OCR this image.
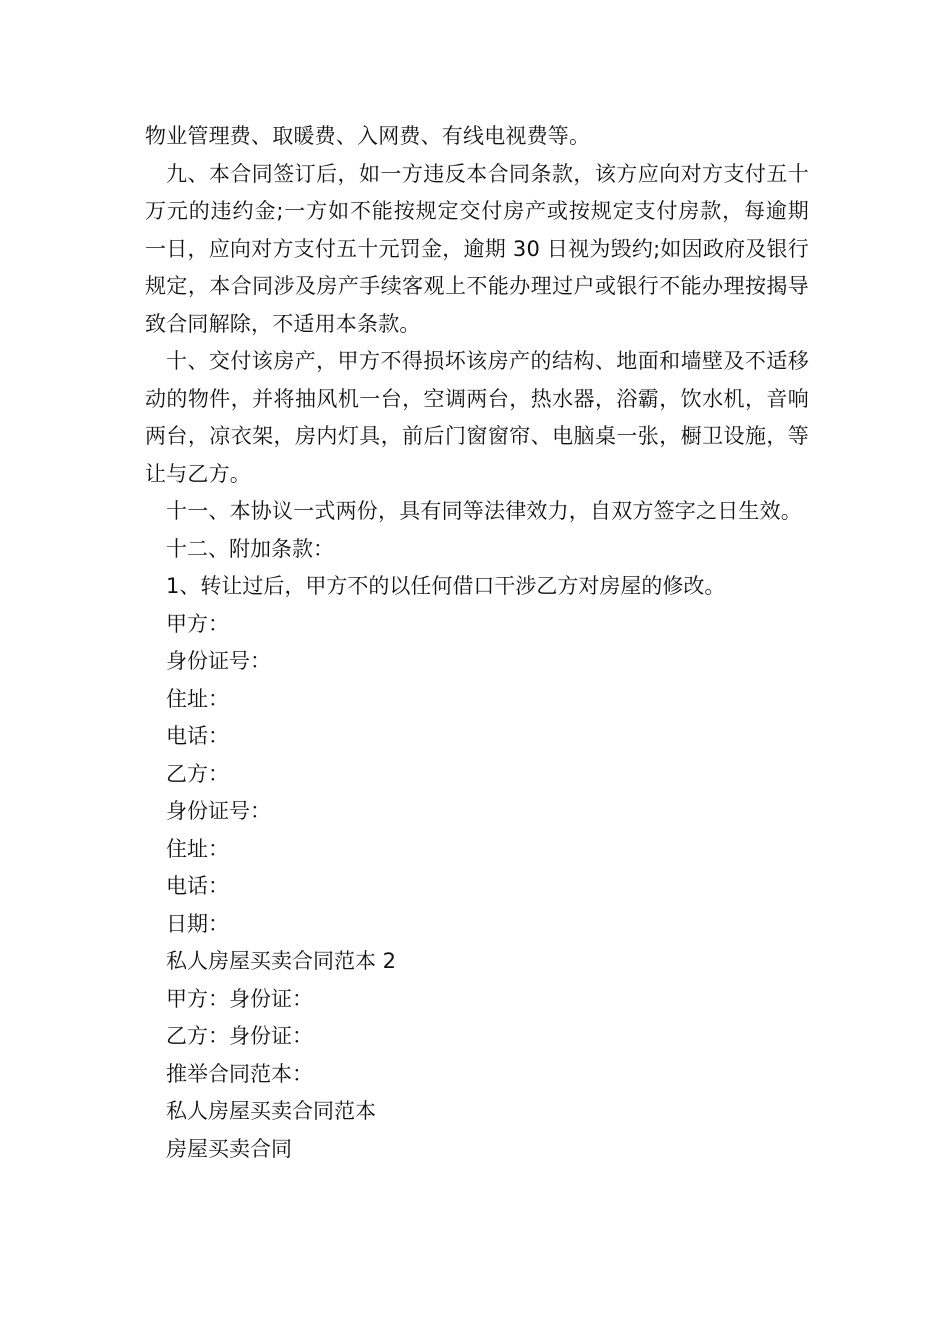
物业管理费、取暖费、入网费、有线电视费等。

九、本合同签订后，如一方违反本合同条款，该方应向对方支付五十万元的违约金;一方如不能按规定交付房产或按规定支付房款，每逾期一日，应向对方支付五十元罚金，逾期 30 日视为毁约;如因政府及银行规定，本合同涉及房产手续客观上不能办理过户或银行不能办理按揭导致合同解除，不适用本条款。

十、交付该房产，甲方不得损坏该房产的结构、地面和墙壁及不适移动的物件，并将抽风机一台，空调两台，热水器，浴霸，饮水机，音响两台，凉衣架，房内灯具，前后门窗窗帘、电脑桌一张，橱卫设施，等让与乙方。

十一、本协议一式两份，具有同等法律效力，自双方签字之日生效。

十二、附加条款：

1、转让过后，甲方不的以任何借口干涉乙方对房屋的修改。

甲方：

身份证号：

住址：

电话：

乙方：

身份证号：

住址：

电话：

日期：

私人房屋买卖合同范本 2

甲方：身份证：

乙方：身份证：

推举合同范本：

私人房屋买卖合同范本

房屋买卖合同
